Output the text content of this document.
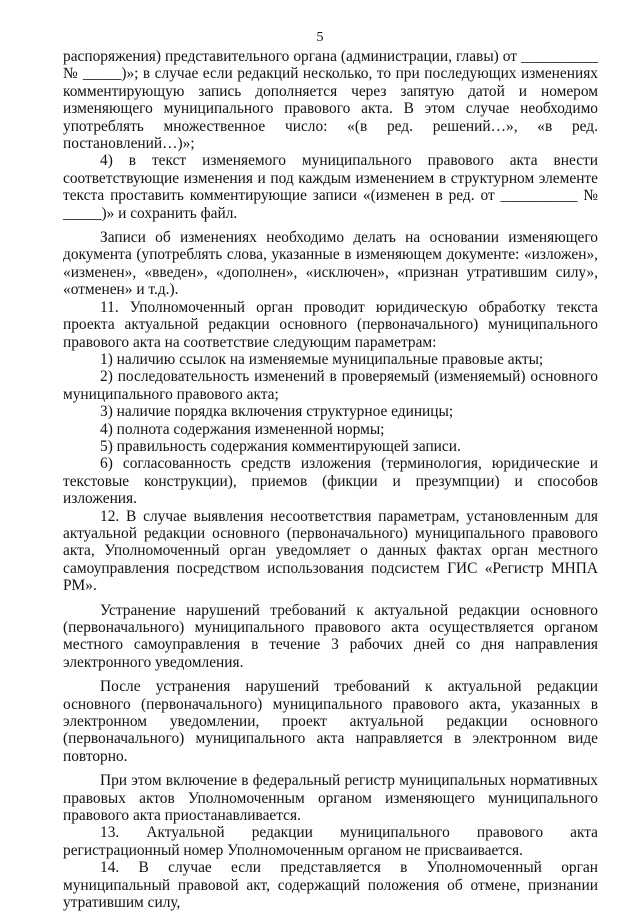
5

распоряжения) представительного органа (администрации, главы) от __________ № _____)»; в случае если редакций несколько, то при последующих изменениях комментирующую запись дополняется через запятую датой и номером изменяющего муниципального правового акта. В этом случае необходимо употреблять множественное число: «(в ред. решений…», «в ред. постановлений…)»;

4) в текст изменяемого муниципального правового акта внести соответствующие изменения и под каждым изменением в структурном элементе текста проставить комментирующие записи «(изменен в ред. от __________ № _____)» и сохранить файл.

Записи об изменениях необходимо делать на основании изменяющего документа (употреблять слова, указанные в изменяющем документе: «изложен», «изменен», «введен», «дополнен», «исключен», «признан утратившим силу», «отменен» и т.д.).

11. Уполномоченный орган проводит юридическую обработку текста проекта актуальной редакции основного (первоначального) муниципального правового акта на соответствие следующим параметрам:

1) наличию ссылок на изменяемые муниципальные правовые акты;

2) последовательность изменений в проверяемый (изменяемый) основного муниципального правового акта;

3) наличие порядка включения структурное единицы;

4) полнота содержания измененной нормы;

5) правильность содержания комментирующей записи.

6) согласованность средств изложения (терминология, юридические и текстовые конструкции), приемов (фикции и презумпции) и способов изложения.

12. В случае выявления несоответствия параметрам, установленным для актуальной редакции основного (первоначального) муниципального правового акта, Уполномоченный орган уведомляет о данных фактах орган местного самоуправления посредством использования подсистем ГИС «Регистр МНПА РМ».

Устранение нарушений требований к актуальной редакции основного (первоначального) муниципального правового акта осуществляется органом местного самоуправления в течение 3 рабочих дней со дня направления электронного уведомления.

После устранения нарушений требований к актуальной редакции основного (первоначального) муниципального правового акта, указанных в электронном уведомлении, проект актуальной редакции основного (первоначального) муниципального акта направляется в электронном виде повторно.

При этом включение в федеральный регистр муниципальных нормативных правовых актов Уполномоченным органом изменяющего муниципального правового акта приостанавливается.

13. Актуальной редакции муниципального правового акта регистрационный номер Уполномоченным органом не присваивается.

14. В случае если представляется в Уполномоченный орган муниципальный правовой акт, содержащий положения об отмене, признании утратившим силу,
